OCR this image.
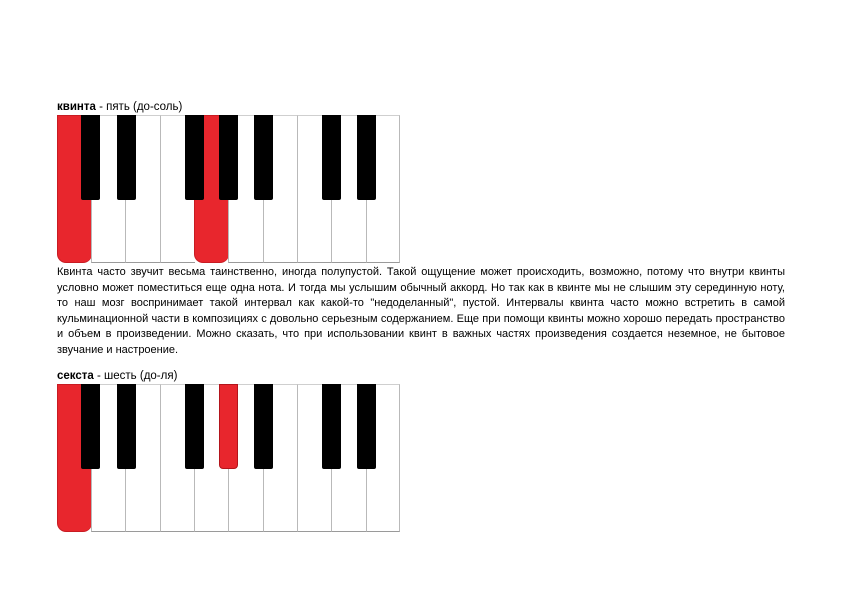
квинта - пять (до-соль)

Квинта часто звучит весьма таинственно, иногда полупустой. Такой ощущение может происходить, возможно, потому что внутри квинты условно может поместиться еще одна нота. И тогда мы услышим обычный аккорд. Но так как в квинте мы не слышим эту серединную ноту, то наш мозг воспринимает такой интервал как какой-то "недоделанный", пустой. Интервалы квинта часто можно встретить в самой кульминационной части в композициях с довольно серьезным содержанием. Еще при помощи квинты можно хорошо передать пространство и объем в произведении. Можно сказать, что при использовании квинт в важных частях произведения создается неземное, не бытовое звучание и настроение.

секста - шесть (до-ля)
